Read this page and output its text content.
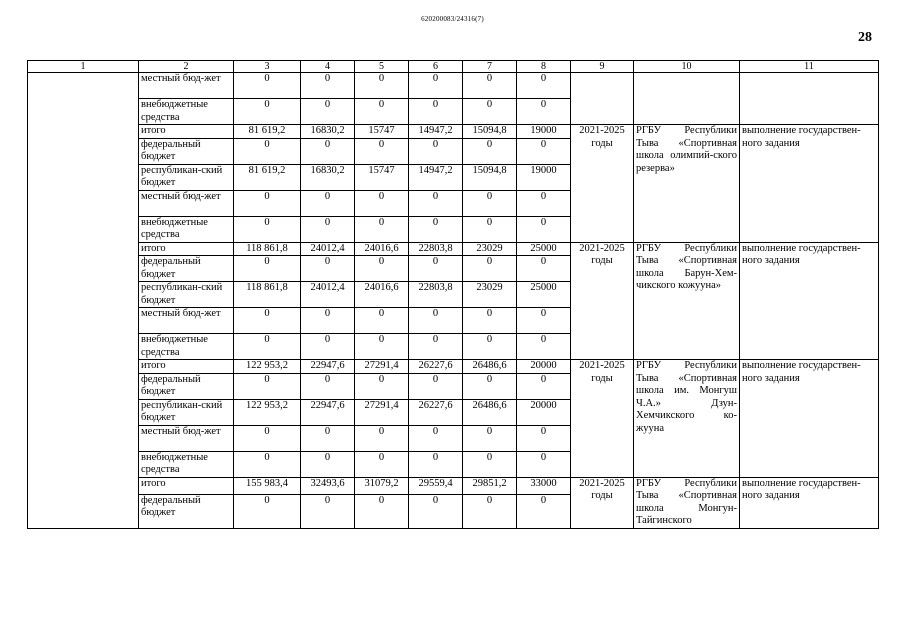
620200083/24316(7)
28
1	2	3	4	5	6	7	8	9	10	11
	местный бюд-жет	0	0	0	0	0	0			
	внебюджетные средства	0	0	0	0	0	0			
	итого	81 619,2	16830,2	15747	14947,2	15094,8	19000	2021-2025 годы	РГБУ Республики Тыва «Спортивная школа олимпий-ского резерва»	выполнение государствен-ного задания
	федеральный бюджет	0	0	0	0	0	0			
	республикан-ский бюджет	81 619,2	16830,2	15747	14947,2	15094,8	19000			
	местный бюд-жет	0	0	0	0	0	0			
	внебюджетные средства	0	0	0	0	0	0			
	итого	118 861,8	24012,4	24016,6	22803,8	23029	25000	2021-2025 годы	РГБУ Республики Тыва «Спортивная школа Барун-Хем-чикского кожууна»	выполнение государствен-ного задания
	федеральный бюджет	0	0	0	0	0	0			
	республикан-ский бюджет	118 861,8	24012,4	24016,6	22803,8	23029	25000			
	местный бюд-жет	0	0	0	0	0	0			
	внебюджетные средства	0	0	0	0	0	0			
	итого	122 953,2	22947,6	27291,4	26227,6	26486,6	20000	2021-2025 годы	РГБУ Республики Тыва «Спортивная школа им. Монгуш Ч.А.» Дзун-Хемчикского ко-жууна	выполнение государствен-ного задания
	федеральный бюджет	0	0	0	0	0	0			
	республикан-ский бюджет	122 953,2	22947,6	27291,4	26227,6	26486,6	20000			
	местный бюд-жет	0	0	0	0	0	0			
	внебюджетные средства	0	0	0	0	0	0			
	итого	155 983,4	32493,6	31079,2	29559,4	29851,2	33000	2021-2025 годы	РГБУ Республики Тыва «Спортивная школа Монгун-Тайгинского	выполнение государствен-ного задания
	федеральный бюджет	0	0	0	0	0	0			
